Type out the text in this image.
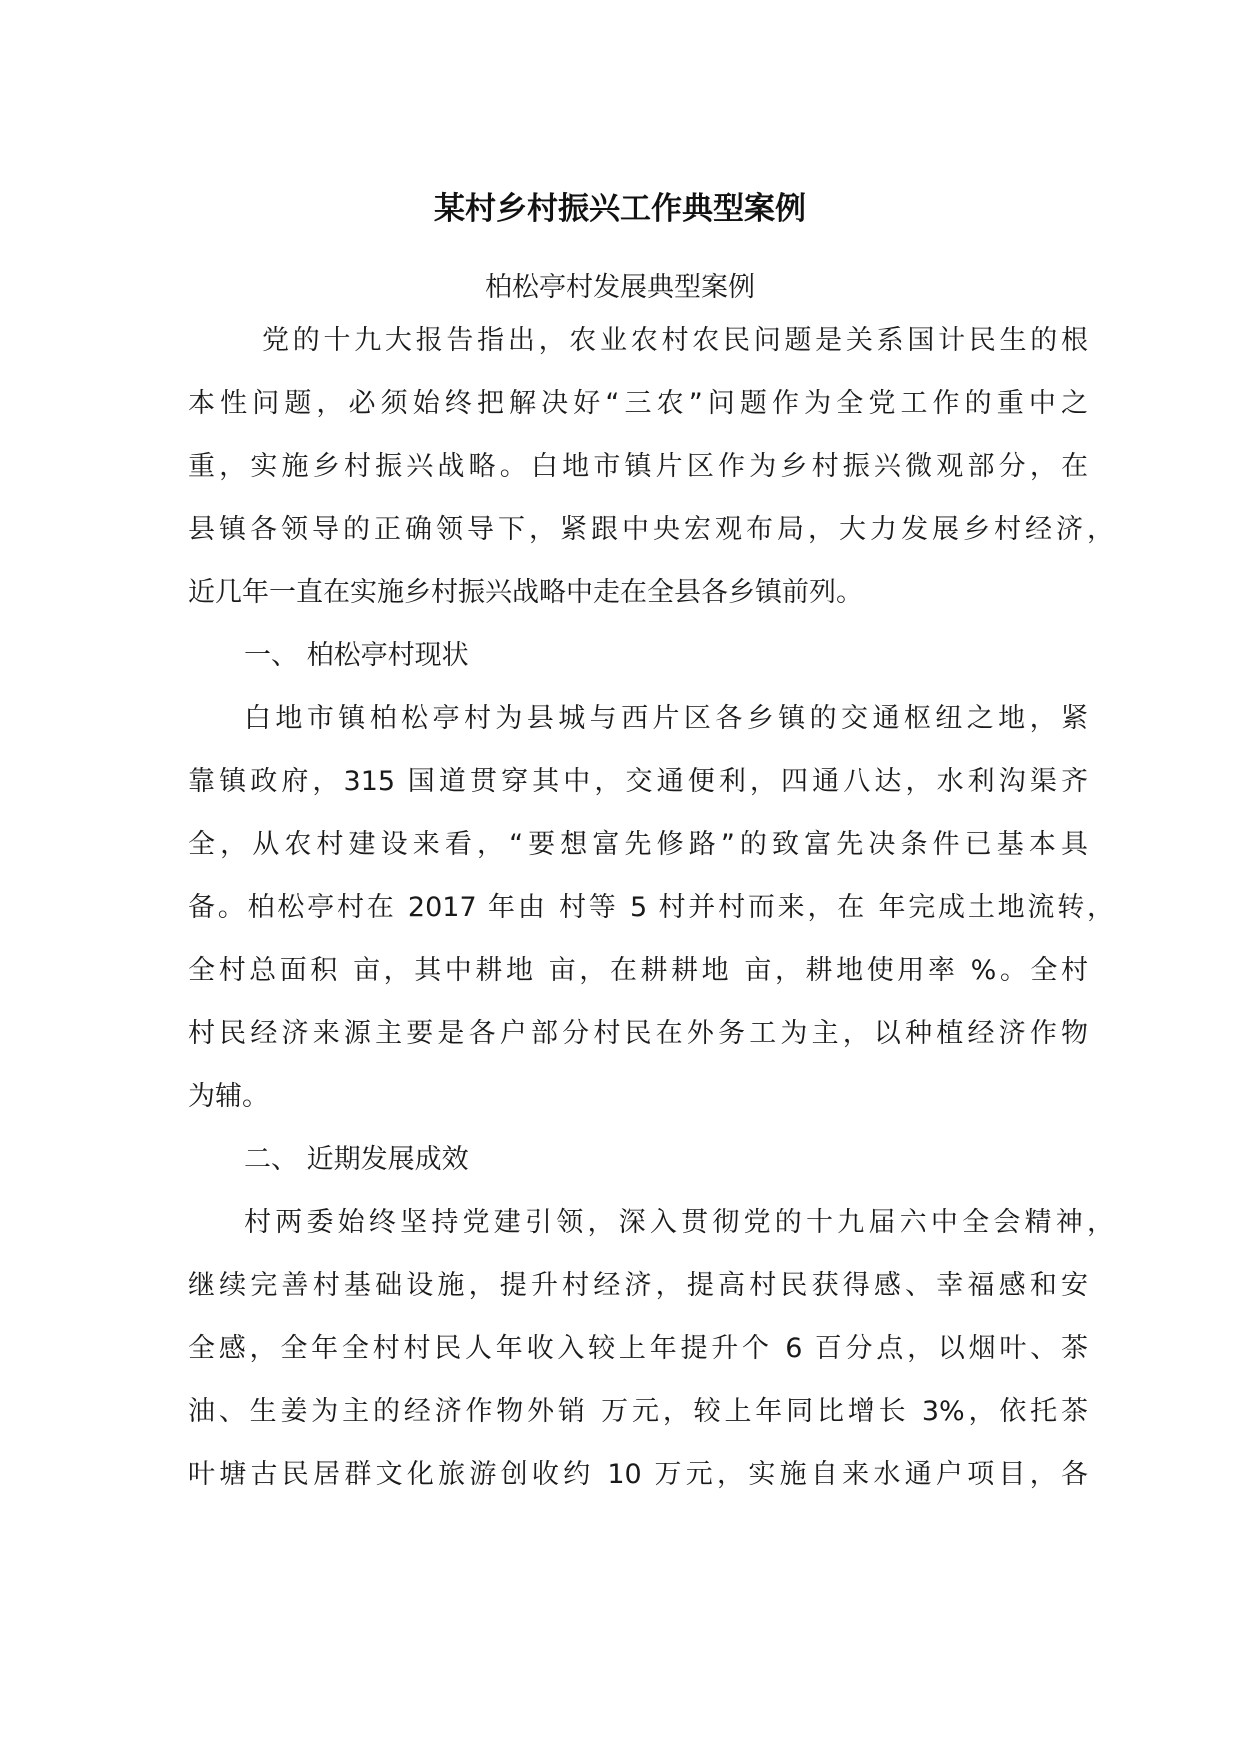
某村乡村振兴工作典型案例

柏松亭村发展典型案例

党的十九大报告指出，农业农村农民问题是关系国计民生的根

本性问题，必须始终把解决好“三农”问题作为全党工作的重中之

重，实施乡村振兴战略。白地市镇片区作为乡村振兴微观部分，在

县镇各领导的正确领导下，紧跟中央宏观布局，大力发展乡村经济，

近几年一直在实施乡村振兴战略中走在全县各乡镇前列。

一、 柏松亭村现状

白地市镇柏松亭村为县城与西片区各乡镇的交通枢纽之地，紧

靠镇政府，315 国道贯穿其中，交通便利，四通八达，水利沟渠齐

全，从农村建设来看，“要想富先修路”的致富先决条件已基本具

备。柏松亭村在 2017 年由 村等 5 村并村而来，在 年完成土地流转，

全村总面积 亩，其中耕地 亩，在耕耕地 亩，耕地使用率 %。全村

村民经济来源主要是各户部分村民在外务工为主，以种植经济作物

为辅。

二、 近期发展成效

村两委始终坚持党建引领，深入贯彻党的十九届六中全会精神，

继续完善村基础设施，提升村经济，提高村民获得感、幸福感和安

全感，全年全村村民人年收入较上年提升个 6 百分点，以烟叶、茶

油、生姜为主的经济作物外销 万元，较上年同比增长 3%，依托茶

叶塘古民居群文化旅游创收约 10 万元，实施自来水通户项目，各
